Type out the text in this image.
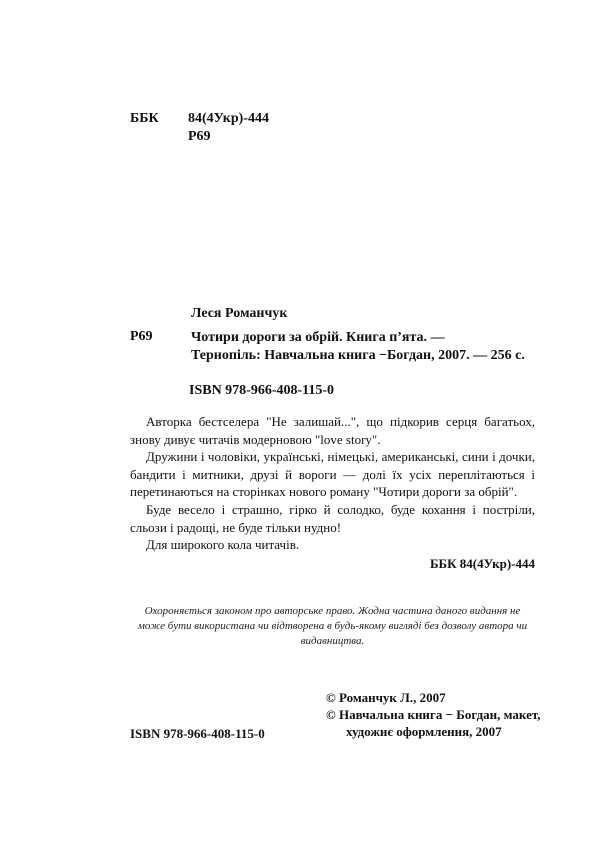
ББК 84(4Укр)-444
Р69
Леся Романчук
Р69	Чотири дороги за обрій. Книга п’ята. —
Тернопіль: Навчальна книга −Богдан, 2007. — 256 с.
ISBN 978-966-408-115-0

Авторка бестселера "Не залишай...", що підкорив серця багатьох, знову дивує читачів модерновою "love story".

Дружини і чоловіки, українські, німецькі, американські, сини і дочки, бандити і митники, друзі й вороги — долі їх усіх переплітаються і перетинаються на сторінках нового роману "Чотири дороги за обрій".

Буде весело і страшно, гірко й солодко, буде кохання і постріли, сльози і радощі, не буде тільки нудно!

Для широкого кола читачів.

ББК 84(4Укр)-444
Охороняється законом про авторське право. Жодна частина даного видання не може бути використана чи відтворена в будь-якому вигляді без дозволу автора чи видавництва.
© Романчук Л., 2007
© Навчальна книга − Богдан, макет,
художнє оформлення, 2007
ISBN 978-966-408-115-0
